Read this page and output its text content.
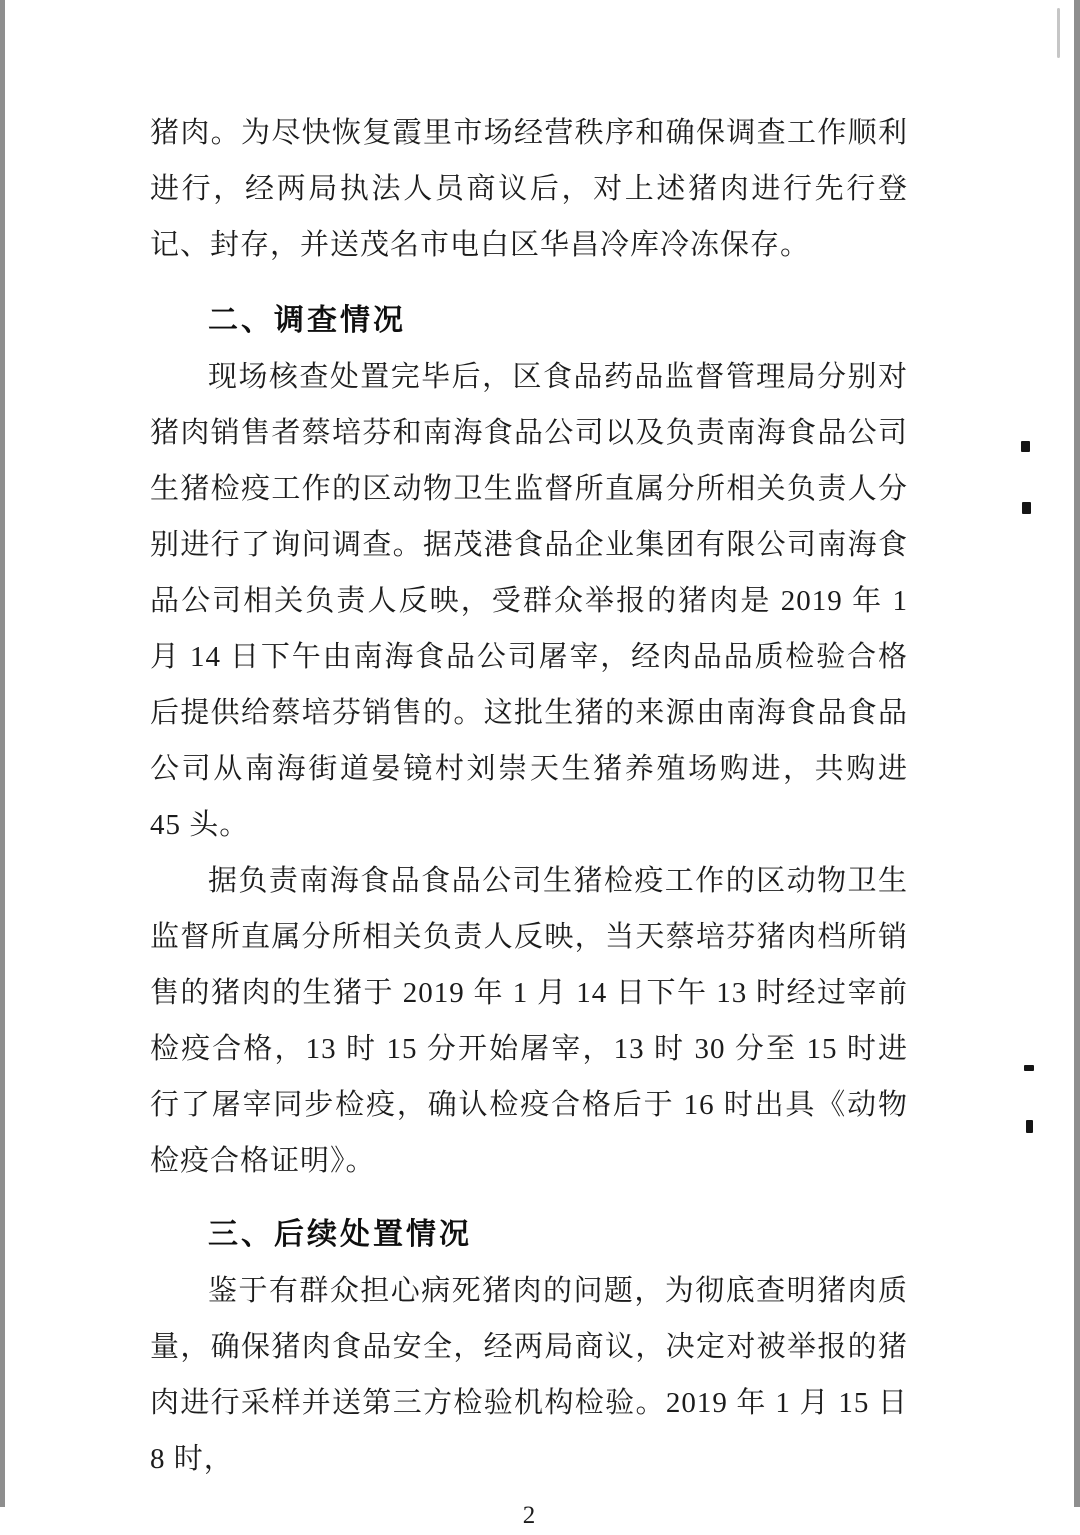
猪肉。为尽快恢复霞里市场经营秩序和确保调查工作顺利进行，经两局执法人员商议后，对上述猪肉进行先行登记、封存，并送茂名市电白区华昌冷库冷冻保存。

二、调查情况

现场核查处置完毕后，区食品药品监督管理局分别对猪肉销售者蔡培芬和南海食品公司以及负责南海食品公司生猪检疫工作的区动物卫生监督所直属分所相关负责人分别进行了询问调查。据茂港食品企业集团有限公司南海食品公司相关负责人反映，受群众举报的猪肉是 2019 年 1 月 14 日下午由南海食品公司屠宰，经肉品品质检验合格后提供给蔡培芬销售的。这批生猪的来源由南海食品食品公司从南海街道晏镜村刘崇天生猪养殖场购进，共购进 45 头。

据负责南海食品食品公司生猪检疫工作的区动物卫生监督所直属分所相关负责人反映，当天蔡培芬猪肉档所销售的猪肉的生猪于 2019 年 1 月 14 日下午 13 时经过宰前检疫合格，13 时 15 分开始屠宰，13 时 30 分至 15 时进行了屠宰同步检疫，确认检疫合格后于 16 时出具《动物检疫合格证明》。

三、后续处置情况

鉴于有群众担心病死猪肉的问题，为彻底查明猪肉质量，确保猪肉食品安全，经两局商议，决定对被举报的猪肉进行采样并送第三方检验机构检验。2019 年 1 月 15 日 8 时，

2
